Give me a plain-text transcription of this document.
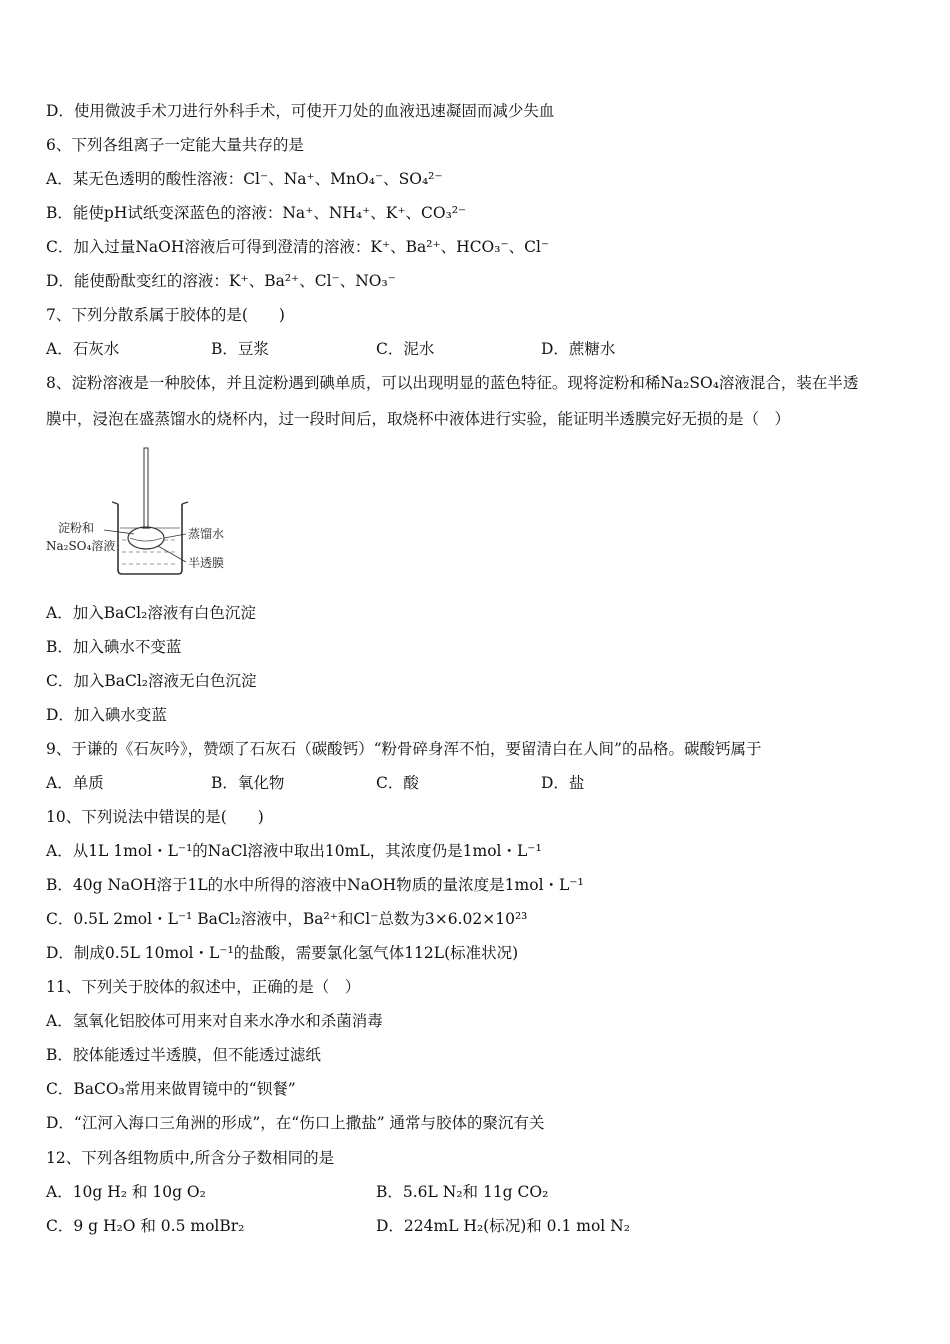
D．使用微波手术刀进行外科手术，可使开刀处的血液迅速凝固而减少失血
6、下列各组离子一定能大量共存的是
A．某无色透明的酸性溶液：Cl⁻、Na⁺、MnO₄⁻、SO₄²⁻
B．能使pH试纸变深蓝色的溶液：Na⁺、NH₄⁺、K⁺、CO₃²⁻
C．加入过量NaOH溶液后可得到澄清的溶液：K⁺、Ba²⁺、HCO₃⁻、Cl⁻
D．能使酚酞变红的溶液：K⁺、Ba²⁺、Cl⁻、NO₃⁻
7、下列分散系属于胶体的是(　　)
A．石灰水	B．豆浆	C．泥水	D．蔗糖水
8、淀粉溶液是一种胶体，并且淀粉遇到碘单质，可以出现明显的蓝色特征。现将淀粉和稀Na₂SO₄溶液混合，装在半透
膜中，浸泡在盛蒸馏水的烧杯内，过一段时间后，取烧杯中液体进行实验，能证明半透膜完好无损的是（　）
淀粉和
Na₂SO₄溶液
蒸馏水
半透膜
A．加入BaCl₂溶液有白色沉淀
B．加入碘水不变蓝
C．加入BaCl₂溶液无白色沉淀
D．加入碘水变蓝
9、于谦的《石灰吟》，赞颂了石灰石（碳酸钙）“粉骨碎身浑不怕，要留清白在人间”的品格。碳酸钙属于
A．单质	B．氧化物	C．酸	D．盐
10、下列说法中错误的是(　　)
A．从1L 1mol・L⁻¹的NaCl溶液中取出10mL，其浓度仍是1mol・L⁻¹
B．40g NaOH溶于1L的水中所得的溶液中NaOH物质的量浓度是1mol・L⁻¹
C．0.5L 2mol・L⁻¹ BaCl₂溶液中，Ba²⁺和Cl⁻总数为3×6.02×10²³
D．制成0.5L 10mol・L⁻¹的盐酸，需要氯化氢气体112L(标准状况)
11、下列关于胶体的叙述中，正确的是（　）
A．氢氧化铝胶体可用来对自来水净水和杀菌消毒
B．胶体能透过半透膜，但不能透过滤纸
C．BaCO₃常用来做胃镜中的“钡餐”
D．“江河入海口三角洲的形成”，在“伤口上撒盐” 通常与胶体的聚沉有关
12、下列各组物质中,所含分子数相同的是
A．10g H₂ 和 10g O₂	B．5.6L N₂和 11g CO₂
C．9 g H₂O 和 0.5 molBr₂	D．224mL H₂(标况)和 0.1 mol N₂
